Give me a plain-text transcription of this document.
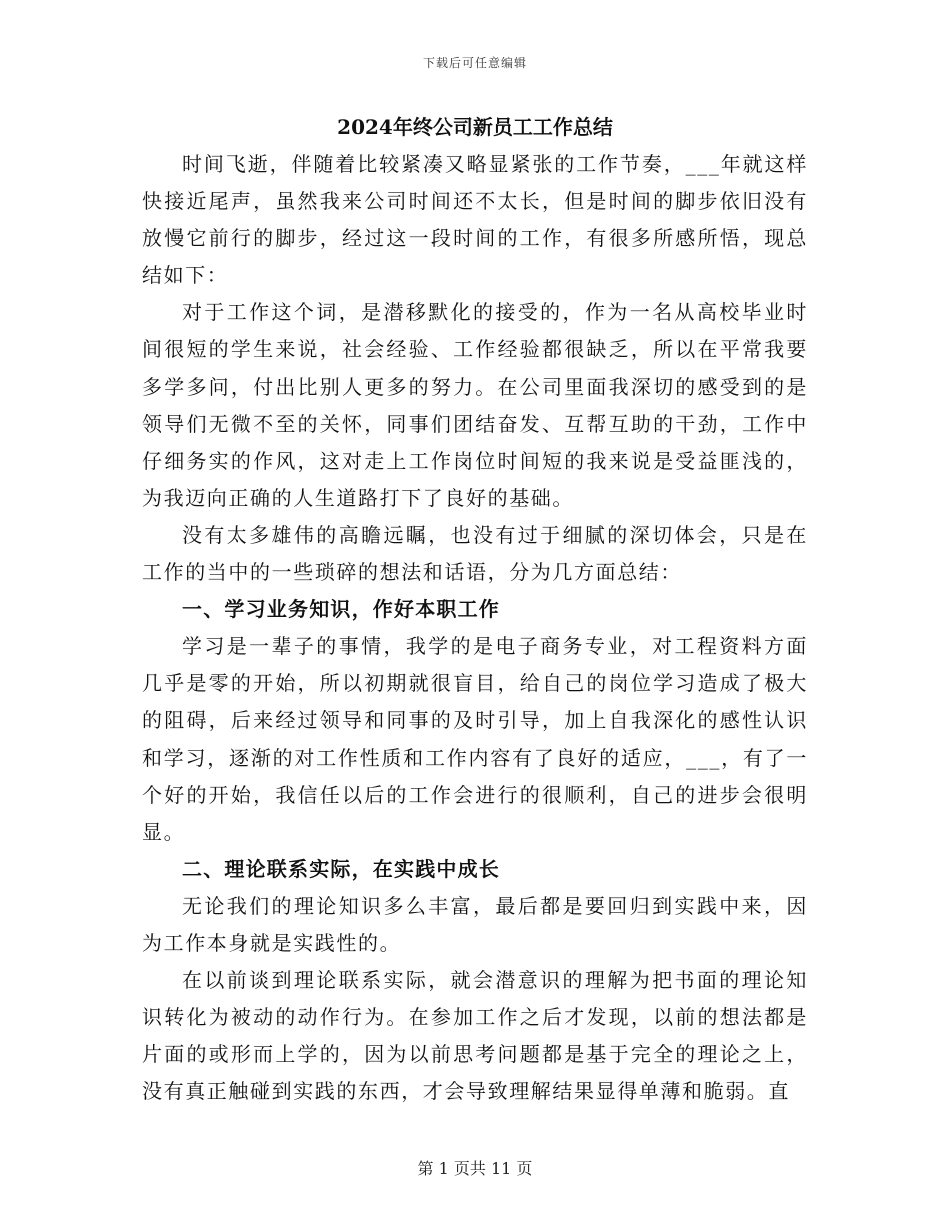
下载后可任意编辑
2024年终公司新员工工作总结

时间飞逝，伴随着比较紧凑又略显紧张的工作节奏，___年就这样快接近尾声，虽然我来公司时间还不太长，但是时间的脚步依旧没有放慢它前行的脚步，经过这一段时间的工作，有很多所感所悟，现总结如下：

对于工作这个词，是潜移默化的接受的，作为一名从高校毕业时间很短的学生来说，社会经验、工作经验都很缺乏，所以在平常我要多学多问，付出比别人更多的努力。在公司里面我深切的感受到的是领导们无微不至的关怀，同事们团结奋发、互帮互助的干劲，工作中仔细务实的作风，这对走上工作岗位时间短的我来说是受益匪浅的，为我迈向正确的人生道路打下了良好的基础。

没有太多雄伟的高瞻远瞩，也没有过于细腻的深切体会，只是在工作的当中的一些琐碎的想法和话语，分为几方面总结：

一、学习业务知识，作好本职工作

学习是一辈子的事情，我学的是电子商务专业，对工程资料方面几乎是零的开始，所以初期就很盲目，给自己的岗位学习造成了极大的阻碍，后来经过领导和同事的及时引导，加上自我深化的感性认识和学习，逐渐的对工作性质和工作内容有了良好的适应，___，有了一个好的开始，我信任以后的工作会进行的很顺利，自己的进步会很明显。

二、理论联系实际，在实践中成长

无论我们的理论知识多么丰富，最后都是要回归到实践中来，因为工作本身就是实践性的。

在以前谈到理论联系实际，就会潜意识的理解为把书面的理论知识转化为被动的动作行为。在参加工作之后才发现，以前的想法都是片面的或形而上学的，因为以前思考问题都是基于完全的理论之上，没有真正触碰到实践的东西，才会导致理解结果显得单薄和脆弱。直

第 1 页共 11 页
